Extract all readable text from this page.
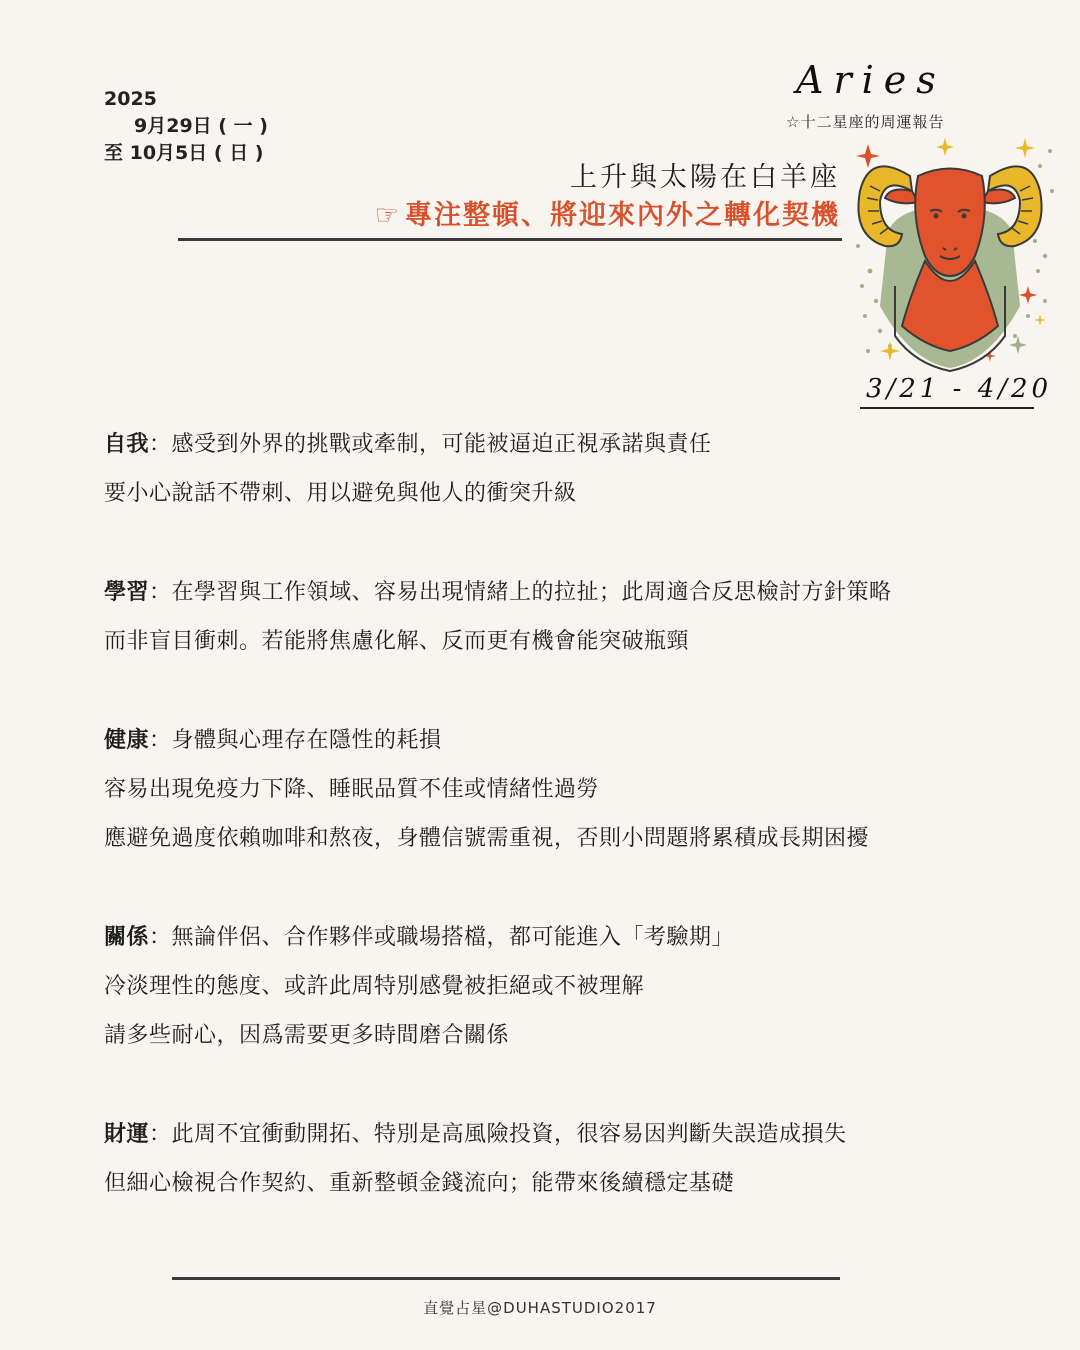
2025
9月29日 ( 一 )
至 10月5日 ( 日 )
Aries
☆十二星座的周運報告
上升與太陽在白羊座
☞ 專注整頓、將迎來內外之轉化契機
3/21 - 4/20
自我：感受到外界的挑戰或牽制，可能被逼迫正視承諾與責任
要小心說話不帶刺、用以避免與他人的衝突升級
學習：在學習與工作領域、容易出現情緒上的拉扯；此周適合反思檢討方針策略
而非盲目衝刺。若能將焦慮化解、反而更有機會能突破瓶頸
健康：身體與心理存在隱性的耗損
容易出現免疫力下降、睡眠品質不佳或情緒性過勞
應避免過度依賴咖啡和熬夜，身體信號需重視，否則小問題將累積成長期困擾
關係：無論伴侶、合作夥伴或職場搭檔，都可能進入「考驗期」
冷淡理性的態度、或許此周特別感覺被拒絕或不被理解
請多些耐心，因爲需要更多時間磨合關係
財運：此周不宜衝動開拓、特別是高風險投資，很容易因判斷失誤造成損失
但細心檢視合作契約、重新整頓金錢流向；能帶來後續穩定基礎
直覺占星@DUHASTUDIO2017
